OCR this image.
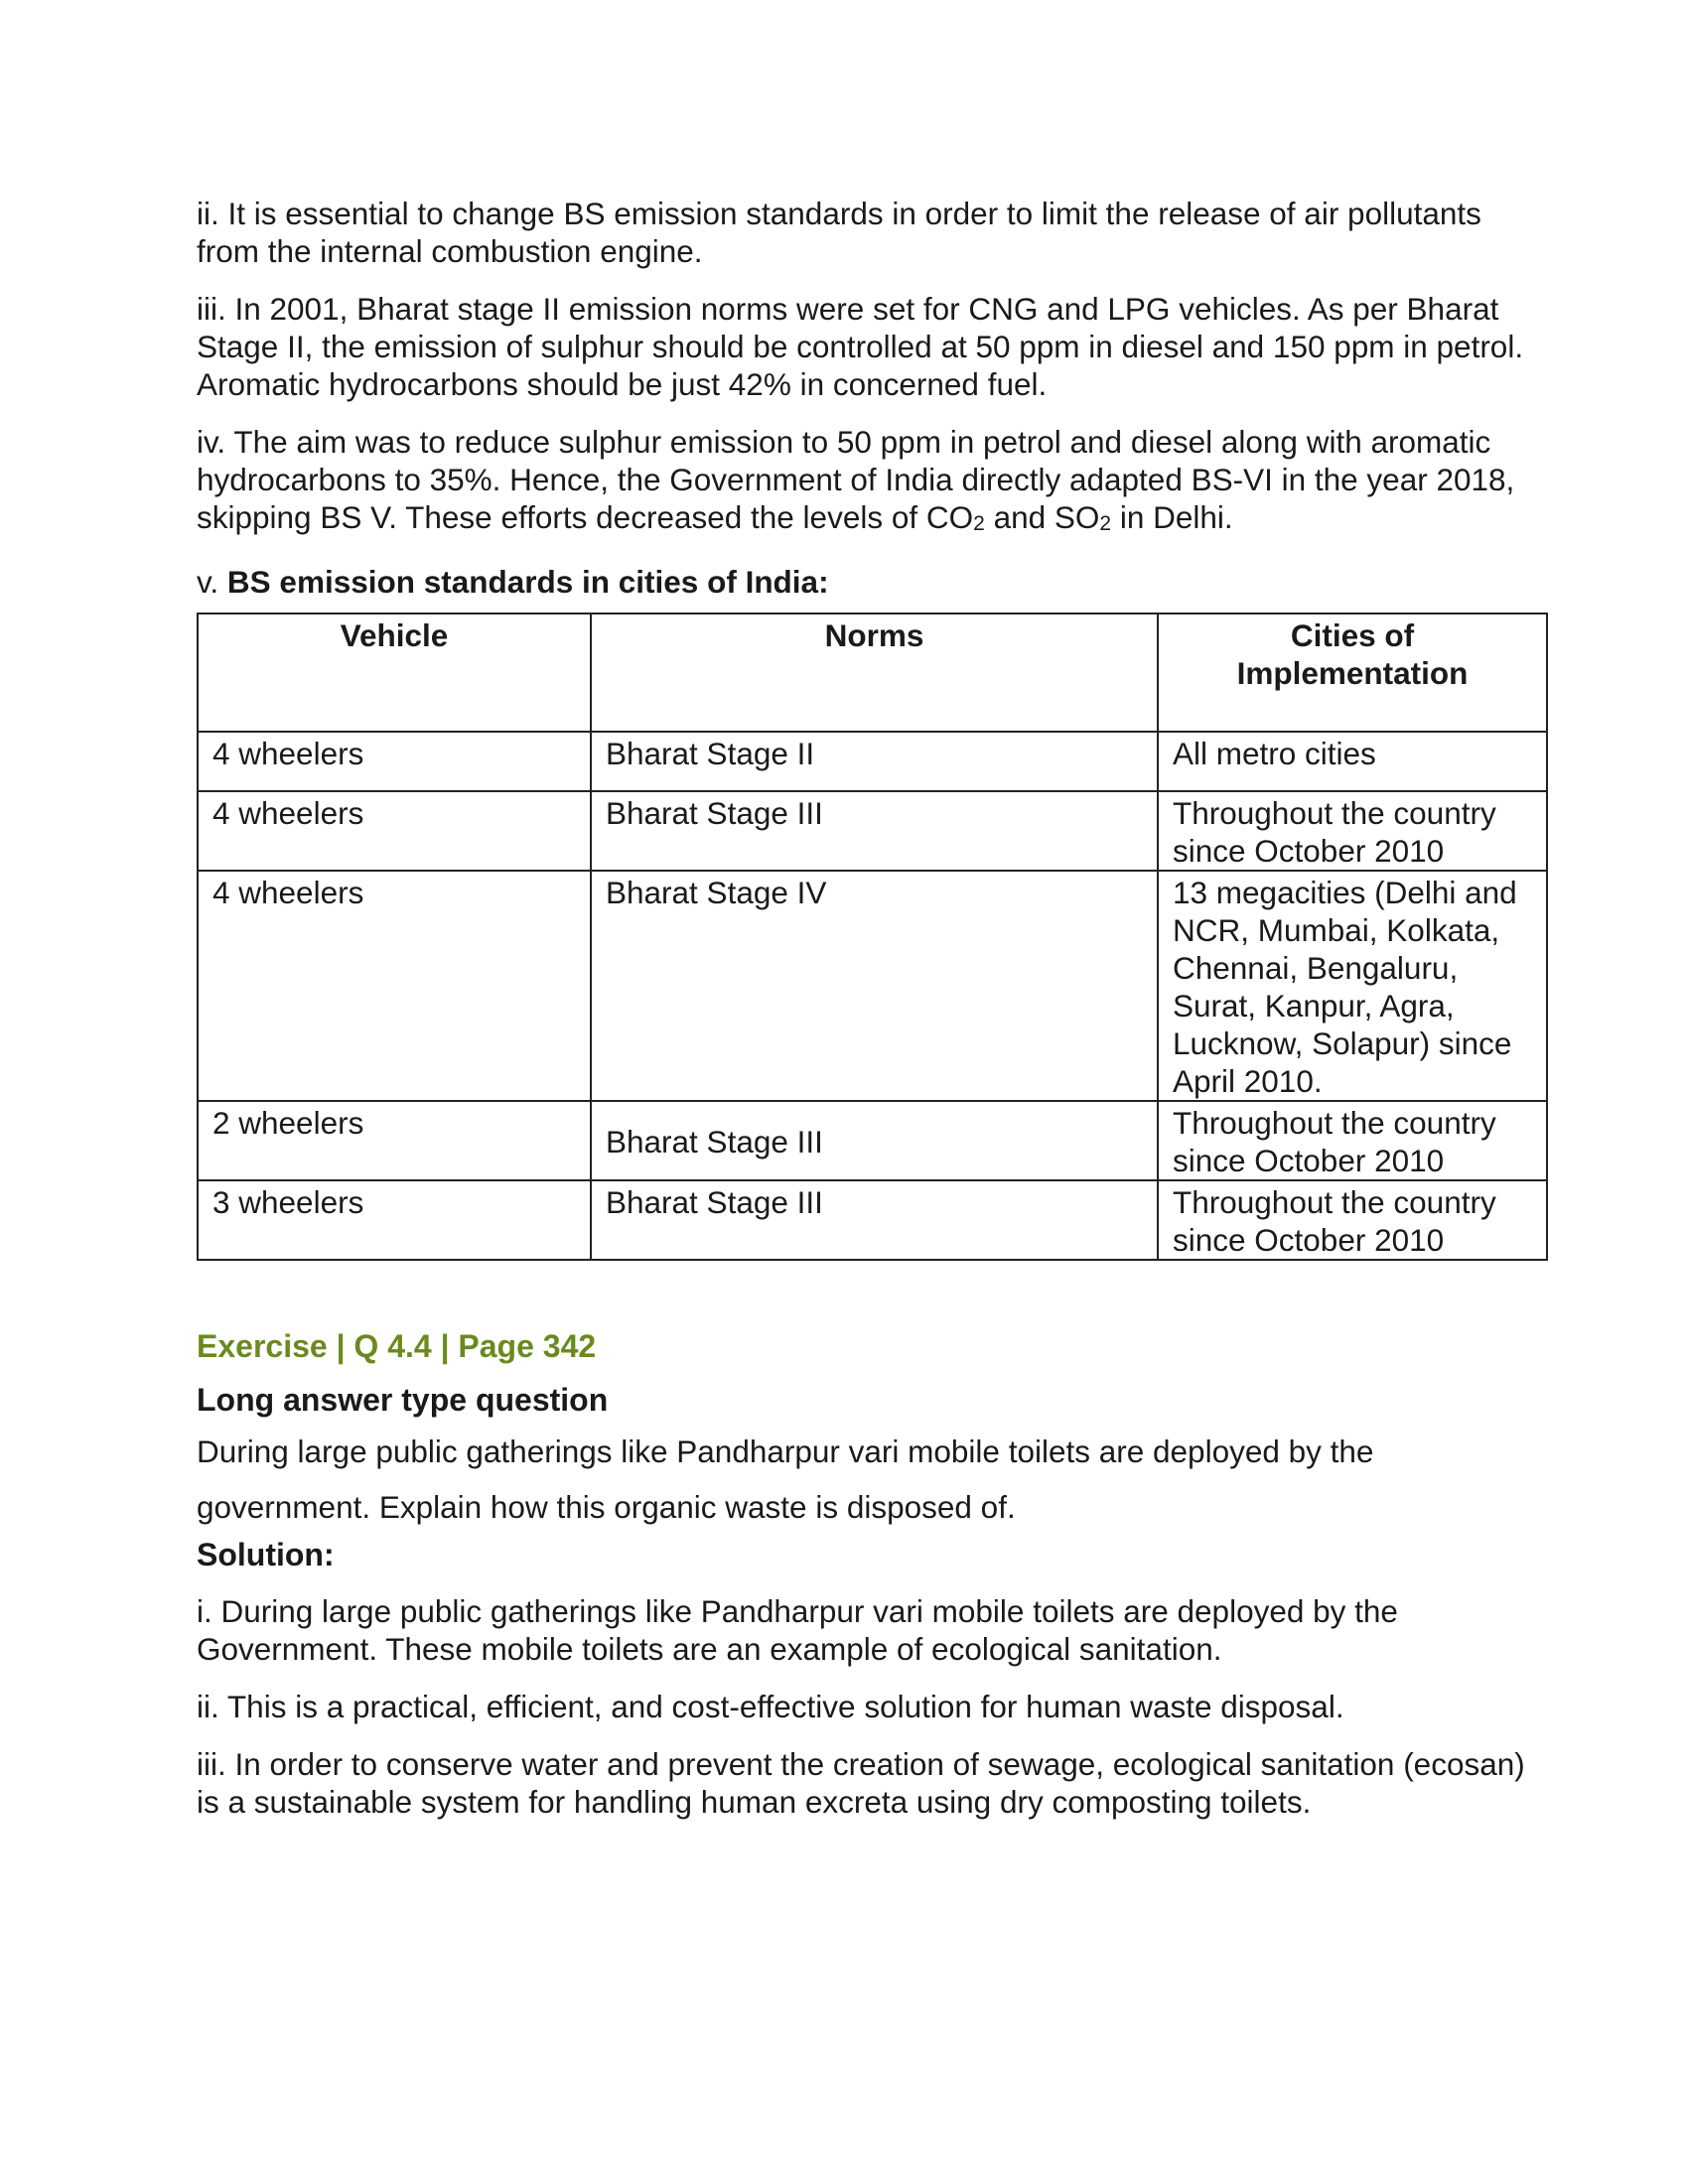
ii. It is essential to change BS emission standards in order to limit the release of air pollutants from the internal combustion engine.

iii. In 2001, Bharat stage II emission norms were set for CNG and LPG vehicles. As per Bharat Stage II, the emission of sulphur should be controlled at 50 ppm in diesel and 150 ppm in petrol. Aromatic hydrocarbons should be just 42% in concerned fuel.

iv. The aim was to reduce sulphur emission to 50 ppm in petrol and diesel along with aromatic hydrocarbons to 35%. Hence, the Government of India directly adapted BS-VI in the year 2018, skipping BS V. These efforts decreased the levels of $CO_2$ and $SO_2$ in Delhi.

v. BS emission standards in cities of India:

Vehicle	Norms	Cities of Implementation
4 wheelers	Bharat Stage II	All metro cities
4 wheelers	Bharat Stage III	Throughout the country since October 2010
4 wheelers	Bharat Stage IV	13 megacities (Delhi and NCR, Mumbai, Kolkata, Chennai, Bengaluru, Surat, Kanpur, Agra, Lucknow, Solapur) since April 2010.
2 wheelers	Bharat Stage III	Throughout the country since October 2010
3 wheelers	Bharat Stage III	Throughout the country since October 2010
Exercise | Q 4.4 | Page 342
Long answer type question
During large public gatherings like Pandharpur vari mobile toilets are deployed by the government. Explain how this organic waste is disposed of.
Solution:

i. During large public gatherings like Pandharpur vari mobile toilets are deployed by the Government. These mobile toilets are an example of ecological sanitation.

ii. This is a practical, efficient, and cost-effective solution for human waste disposal.

iii. In order to conserve water and prevent the creation of sewage, ecological sanitation (ecosan) is a sustainable system for handling human excreta using dry composting toilets.
